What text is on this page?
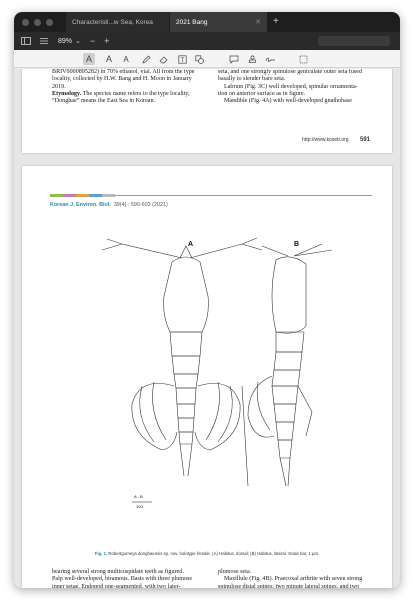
Characteristi...w Sea, Korea	2021 Bang	✕ +
89% ⌄ − +
A	A	A	T
BRIV0000895282) in 70% ethanol, vial. All from the type
locality, collected by H.W. Bang and H. Moon in January
2019.
Etymology. The species name refers to the type locality,
“Donghae” means the East Sea in Korean.
seta, and one strongly spinulose geniculate outer seta fused
basally to slender bare seta.
Labrum (Fig. 3C) well developed, spinular ornamenta-
tion on anterior surface as in figure.
Mandible (Fig. 4A) with well-developed gnathobase
http://www.koseb.org 591
Korean J. Environ. Biol. 39(4) : 590-603 (2021)
A	B
A - B
100
Fig. 1. Robertgurneya donghaensis sp. nov. holotype female. (A) Habitus, dorsal; (B) Habitus, lateral. Scale bar, 1 μm.
bearing several strong multicuspidate teeth as figured.
Palp well-developed, biramous. Basis with three plumose
inner setae. Endopod one-segmented, with two later-
plumose seta.
Maxillule (Fig. 4B). Praecoxal arthrite with seven strong
spinulose distal spines, two minute lateral spines, and two
